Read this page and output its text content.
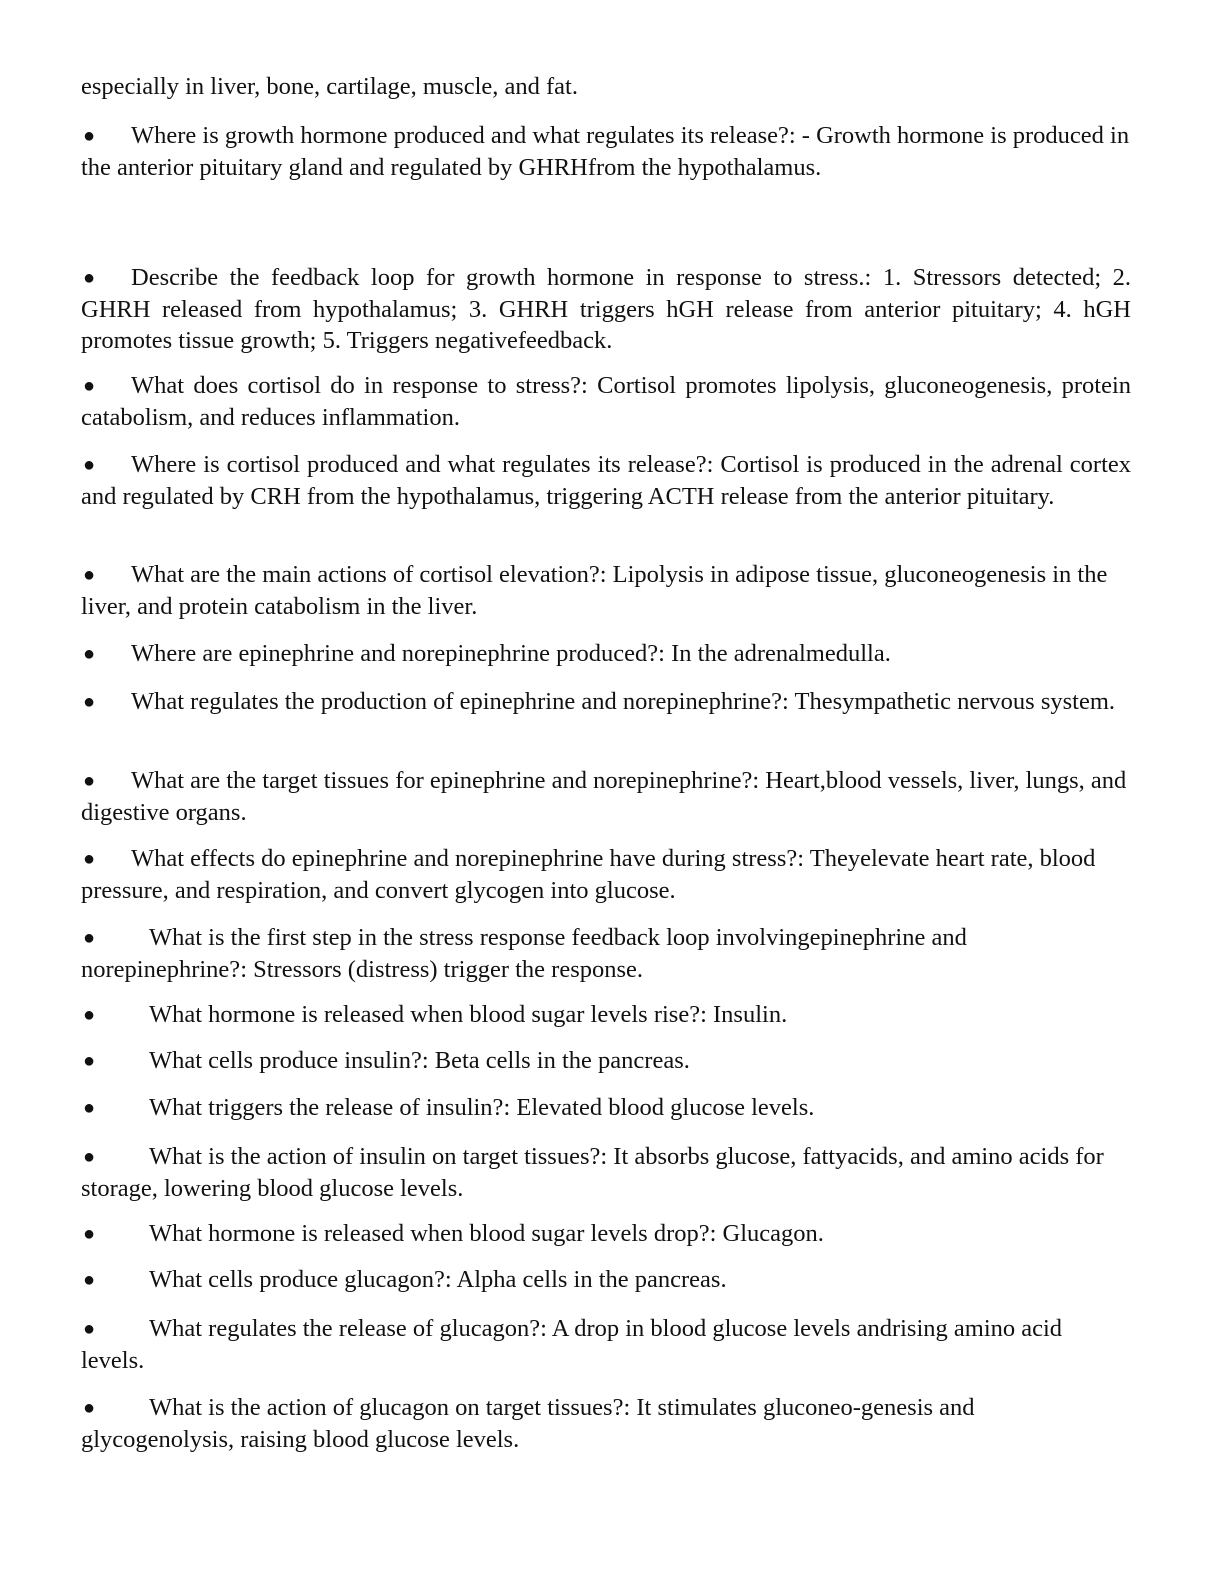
especially in liver, bone, cartilage, muscle, and fat.

● Where is growth hormone produced and what regulates its release?: - Growth hormone is produced in the anterior pituitary gland and regulated by GHRHfrom the hypothalamus.

● Describe the feedback loop for growth hormone in response to stress.: 1. Stressors detected; 2. GHRH released from hypothalamus; 3. GHRH triggers hGH release from anterior pituitary; 4. hGH promotes tissue growth; 5. Triggers negativefeedback.

● What does cortisol do in response to stress?: Cortisol promotes lipolysis, gluconeogenesis, protein catabolism, and reduces inflammation.

● Where is cortisol produced and what regulates its release?: Cortisol is produced in the adrenal cortex and regulated by CRH from the hypothalamus, triggering ACTH release from the anterior pituitary.

● What are the main actions of cortisol elevation?: Lipolysis in adipose tissue, gluconeogenesis in the liver, and protein catabolism in the liver.

● Where are epinephrine and norepinephrine produced?: In the adrenalmedulla.

● What regulates the production of epinephrine and norepinephrine?: Thesympathetic nervous system.

● What are the target tissues for epinephrine and norepinephrine?: Heart,blood vessels, liver, lungs, and digestive organs.

● What effects do epinephrine and norepinephrine have during stress?: Theyelevate heart rate, blood pressure, and respiration, and convert glycogen into glucose.

● What is the first step in the stress response feedback loop involvingepinephrine and norepinephrine?: Stressors (distress) trigger the response.

● What hormone is released when blood sugar levels rise?: Insulin.

● What cells produce insulin?: Beta cells in the pancreas.

● What triggers the release of insulin?: Elevated blood glucose levels.

● What is the action of insulin on target tissues?: It absorbs glucose, fattyacids, and amino acids for storage, lowering blood glucose levels.

● What hormone is released when blood sugar levels drop?: Glucagon.

● What cells produce glucagon?: Alpha cells in the pancreas.

● What regulates the release of glucagon?: A drop in blood glucose levels andrising amino acid levels.

● What is the action of glucagon on target tissues?: It stimulates gluconeo-genesis and glycogenolysis, raising blood glucose levels.
